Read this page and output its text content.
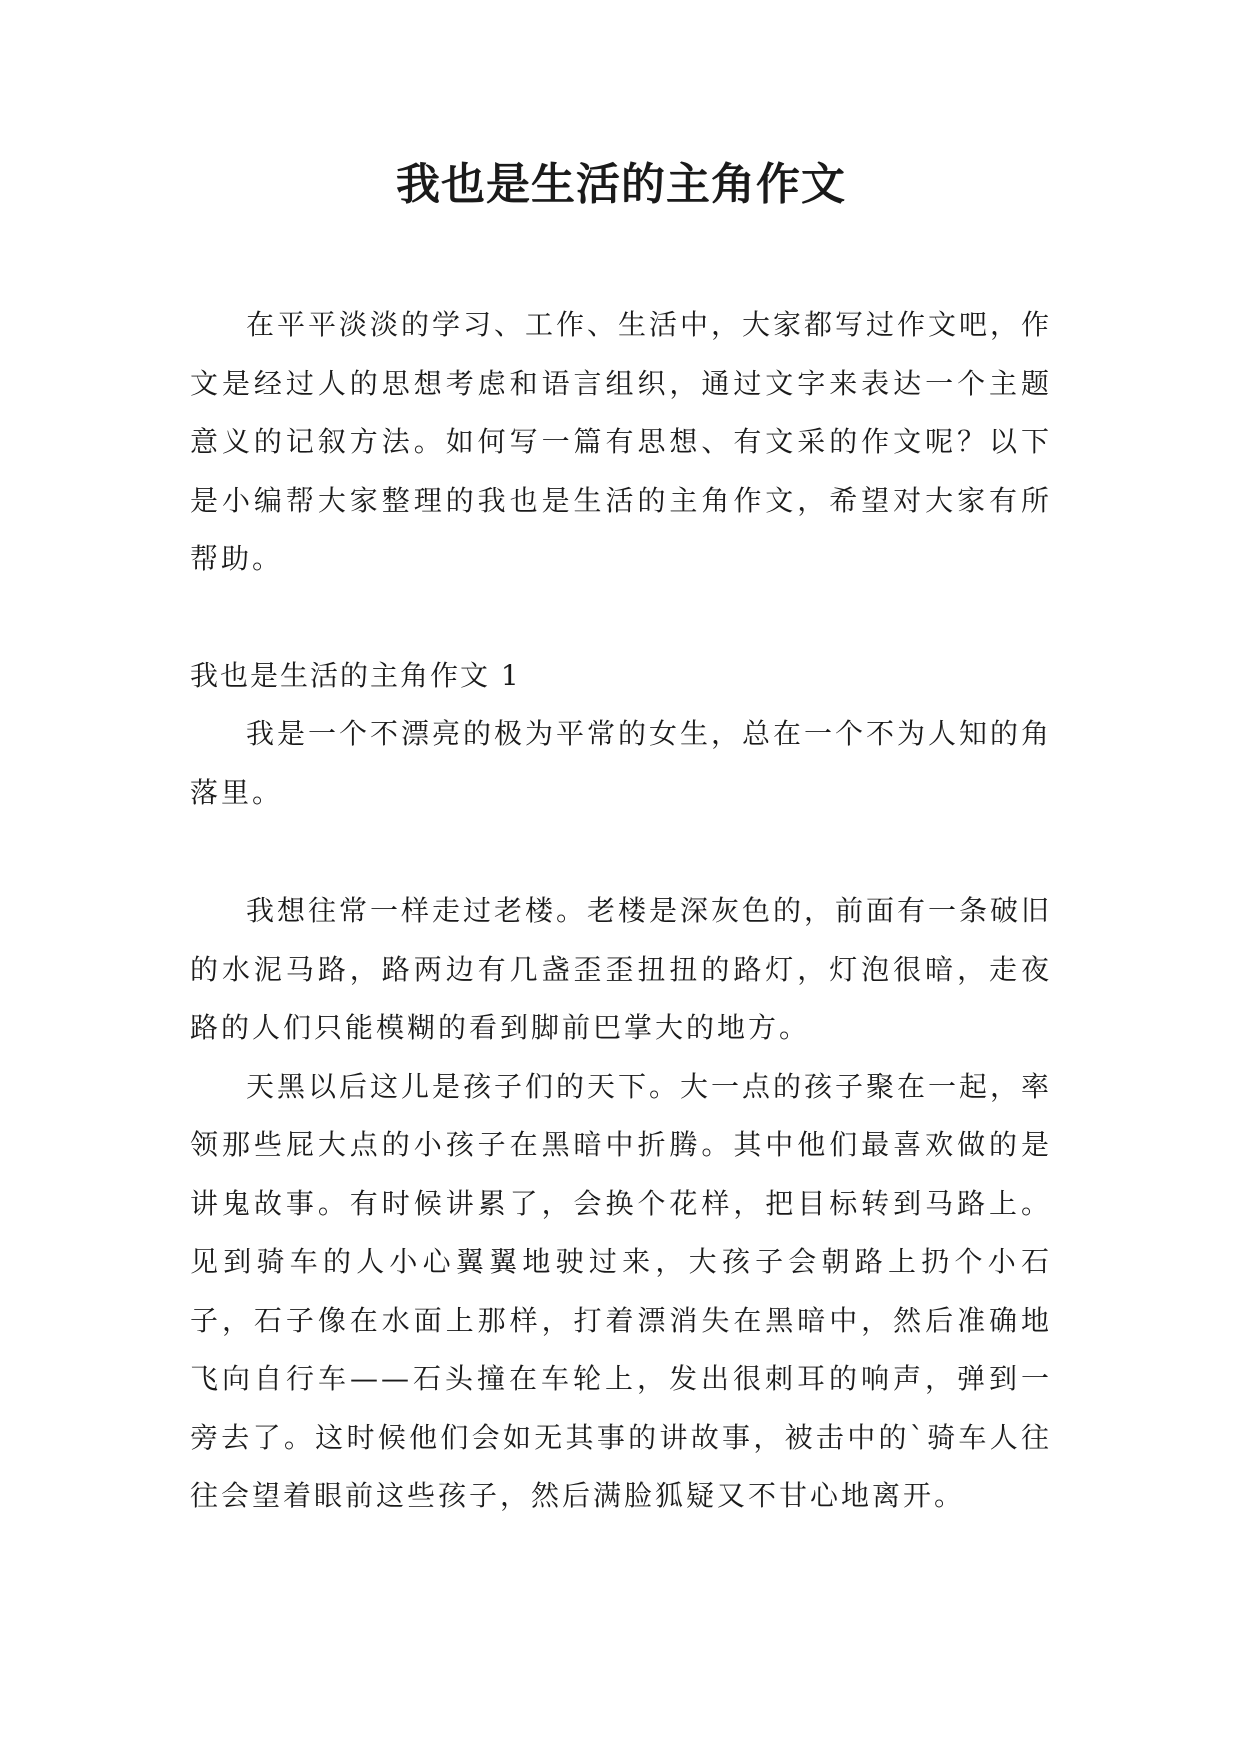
我也是生活的主角作文

在平平淡淡的学习、工作、生活中，大家都写过作文吧，作文是经过人的思想考虑和语言组织，通过文字来表达一个主题意义的记叙方法。如何写一篇有思想、有文采的作文呢？以下是小编帮大家整理的我也是生活的主角作文，希望对大家有所帮助。

我也是生活的主角作文 1

我是一个不漂亮的极为平常的女生，总在一个不为人知的角落里。

我想往常一样走过老楼。老楼是深灰色的，前面有一条破旧的水泥马路，路两边有几盏歪歪扭扭的路灯，灯泡很暗，走夜路的人们只能模糊的看到脚前巴掌大的地方。

天黑以后这儿是孩子们的天下。大一点的孩子聚在一起，率领那些屁大点的小孩子在黑暗中折腾。其中他们最喜欢做的是讲鬼故事。有时候讲累了，会换个花样，把目标转到马路上。见到骑车的人小心翼翼地驶过来，大孩子会朝路上扔个小石子，石子像在水面上那样，打着漂消失在黑暗中，然后准确地飞向自行车——石头撞在车轮上，发出很刺耳的响声，弹到一旁去了。这时候他们会如无其事的讲故事，被击中的`骑车人往往会望着眼前这些孩子，然后满脸狐疑又不甘心地离开。
